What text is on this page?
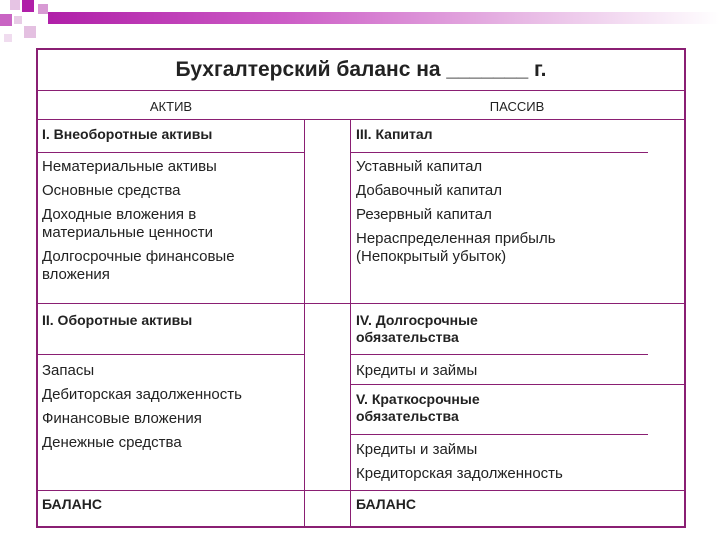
Бухгалтерский баланс на _______ г.
АКТИВ	ПАССИВ
I. Внеоборотные активы
Нематериальные активы
Основные средства
Доходные вложения в материальные ценности
Долгосрочные финансовые вложения
II. Оборотные активы
Запасы
Дебиторская задолженность
Финансовые вложения
Денежные средства
БАЛАНС
III. Капитал
Уставный капитал
Добавочный капитал
Резервный капитал
Нераспределенная прибыль (Непокрытый убыток)
IV. Долгосрочные обязательства
Кредиты и займы
V. Краткосрочные обязательства
Кредиты и займы
Кредиторская задолженность
БАЛАНС
